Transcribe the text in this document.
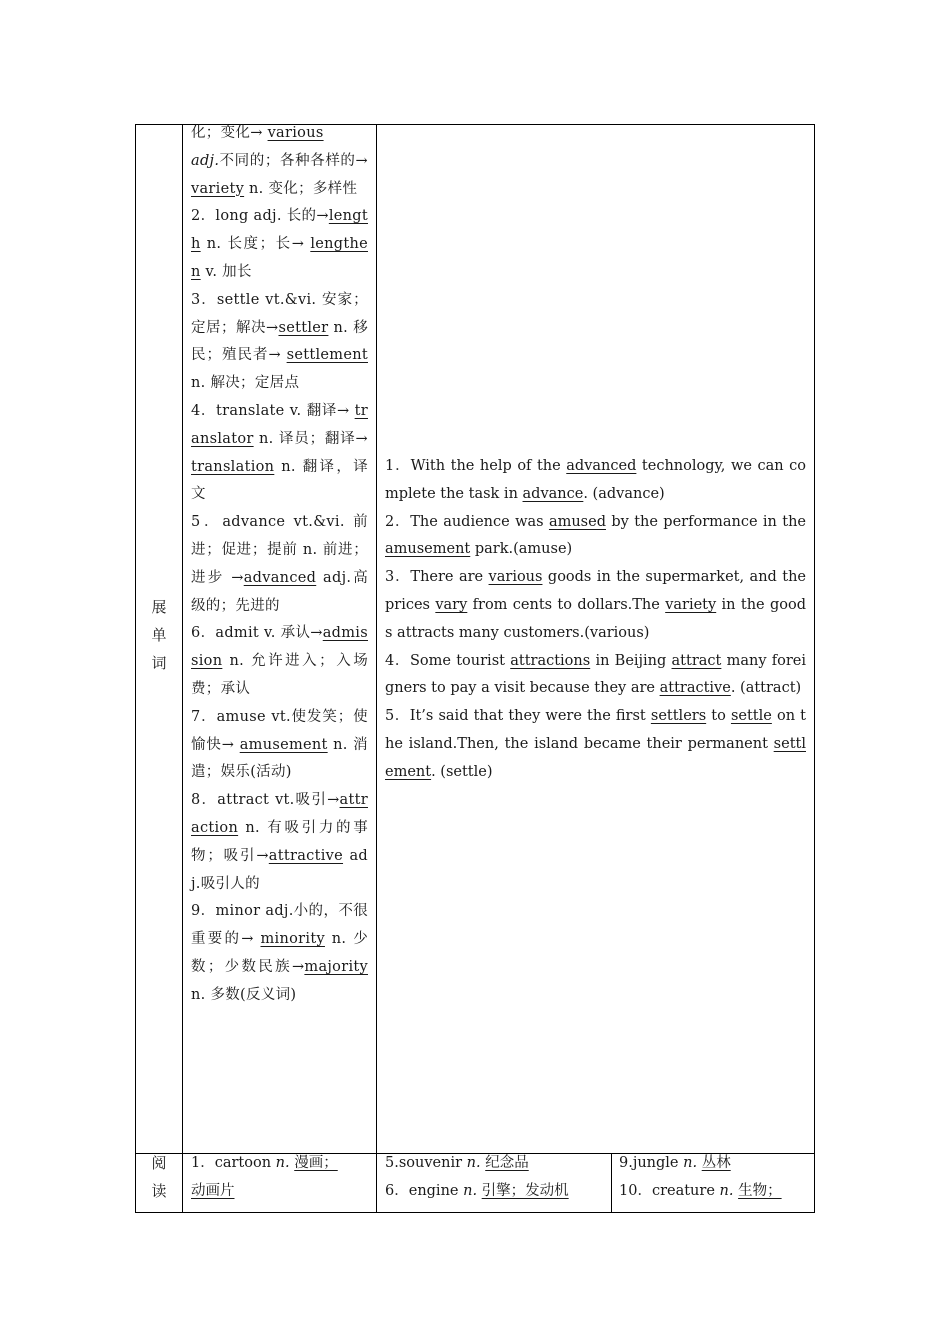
展
单
词

化；变化→ various
adj.不同的；各种各样的→variety n. 变化；多样性

2．long adj. 长的→length n. 长度；长→ lengthen v. 加长

3．settle vt.&vi. 安家；定居；解决→settler n. 移民；殖民者→ settlement n. 解决；定居点

4．translate v. 翻译→ translator n. 译员；翻译→translation n. 翻译，译文

5．advance vt.&vi. 前进；促进；提前 n. 前进；进步 →advanced adj.高级的；先进的

6．admit v. 承认→admission n. 允许进入；入场费；承认

7．amuse vt.使发笑；使愉快→ amusement n. 消遣；娱乐(活动)

8．attract vt.吸引→attraction n. 有吸引力的事物；吸引→attractive adj.吸引人的

9．minor adj.小的，不很重要的→ minority n. 少数；少数民族→majority n. 多数(反义词)

1．With the help of the advanced technology, we can complete the task in advance. (advance)

2．The audience was amused by the performance in the amusement park.(amuse)

3．There are various goods in the supermarket, and the prices vary from cents to dollars.The variety in the goods attracts many customers.(various)

4．Some tourist attractions in Beijing attract many foreigners to pay a visit because they are attractive. (attract)

5．It’s said that they were the first settlers to settle on the island.Then, the island became their permanent settlement. (settle)

阅
读

1．cartoon n. 漫画；
动画片

5.souvenir n. 纪念品
6．engine n. 引擎；发动机

9.jungle n. 丛林
10．creature n. 生物；
